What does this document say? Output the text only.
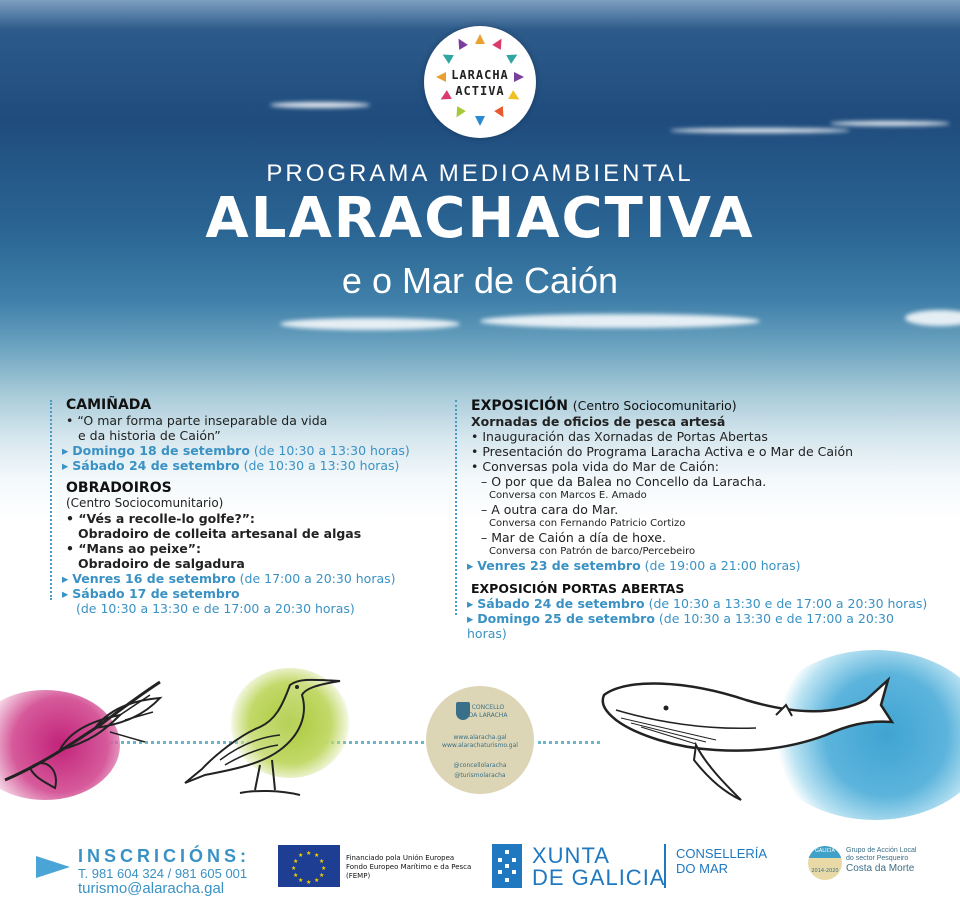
LARACHA
ACTIVA
PROGRAMA MEDIOAMBIENTAL
ALARACHACTIVA
e o Mar de Caión
CAMIÑADA
• “O mar forma parte inseparable da vida
e da historia de Caión”
▸ Domingo 18 de setembro (de 10:30 a 13:30 horas)
▸ Sábado 24 de setembro (de 10:30 a 13:30 horas)
OBRADOIROS
(Centro Sociocomunitario)
• “Vés a recolle-lo golfe?”:
Obradoiro de colleita artesanal de algas
• “Mans ao peixe”:
Obradoiro de salgadura
▸ Venres 16 de setembro (de 17:00 a 20:30 horas)
▸ Sábado 17 de setembro
(de 10:30 a 13:30 e de 17:00 a 20:30 horas)
EXPOSICIÓN (Centro Sociocomunitario)
Xornadas de oficios de pesca artesá
• Inauguración das Xornadas de Portas Abertas
• Presentación do Programa Laracha Activa e o Mar de Caión
• Conversas pola vida do Mar de Caión:
– O por que da Balea no Concello da Laracha.
Conversa con Marcos E. Amado
– A outra cara do Mar.
Conversa con Fernando Patricio Cortizo
– Mar de Caión a día de hoxe.
Conversa con Patrón de barco/Percebeiro
▸ Venres 23 de setembro (de 19:00 a 21:00 horas)
EXPOSICIÓN PORTAS ABERTAS
▸ Sábado 24 de setembro (de 10:30 a 13:30 e de 17:00 a 20:30 horas)
▸ Domingo 25 de setembro (de 10:30 a 13:30 e de 17:00 a 20:30 horas)
CONCELLO
DA LARACHA
www.alaracha.gal
www.alarachaturismo.gal
@concellolaracha
@turismolaracha
INSCRICIÓNS:
T. 981 604 324 / 981 605 001
turismo@alaracha.gal
★ ★
★
★
★
★
★
★
★
★
★
★	Financiado pola Unión Europea
Fondo Europeo Marítimo e da Pesca
(FEMP)
XUNTA
DE GALICIA
CONSELLERÍA
DO MAR
GALICIA
2014-2020
Grupo de Acción Local
do sector Pesqueiro
Costa da Morte
